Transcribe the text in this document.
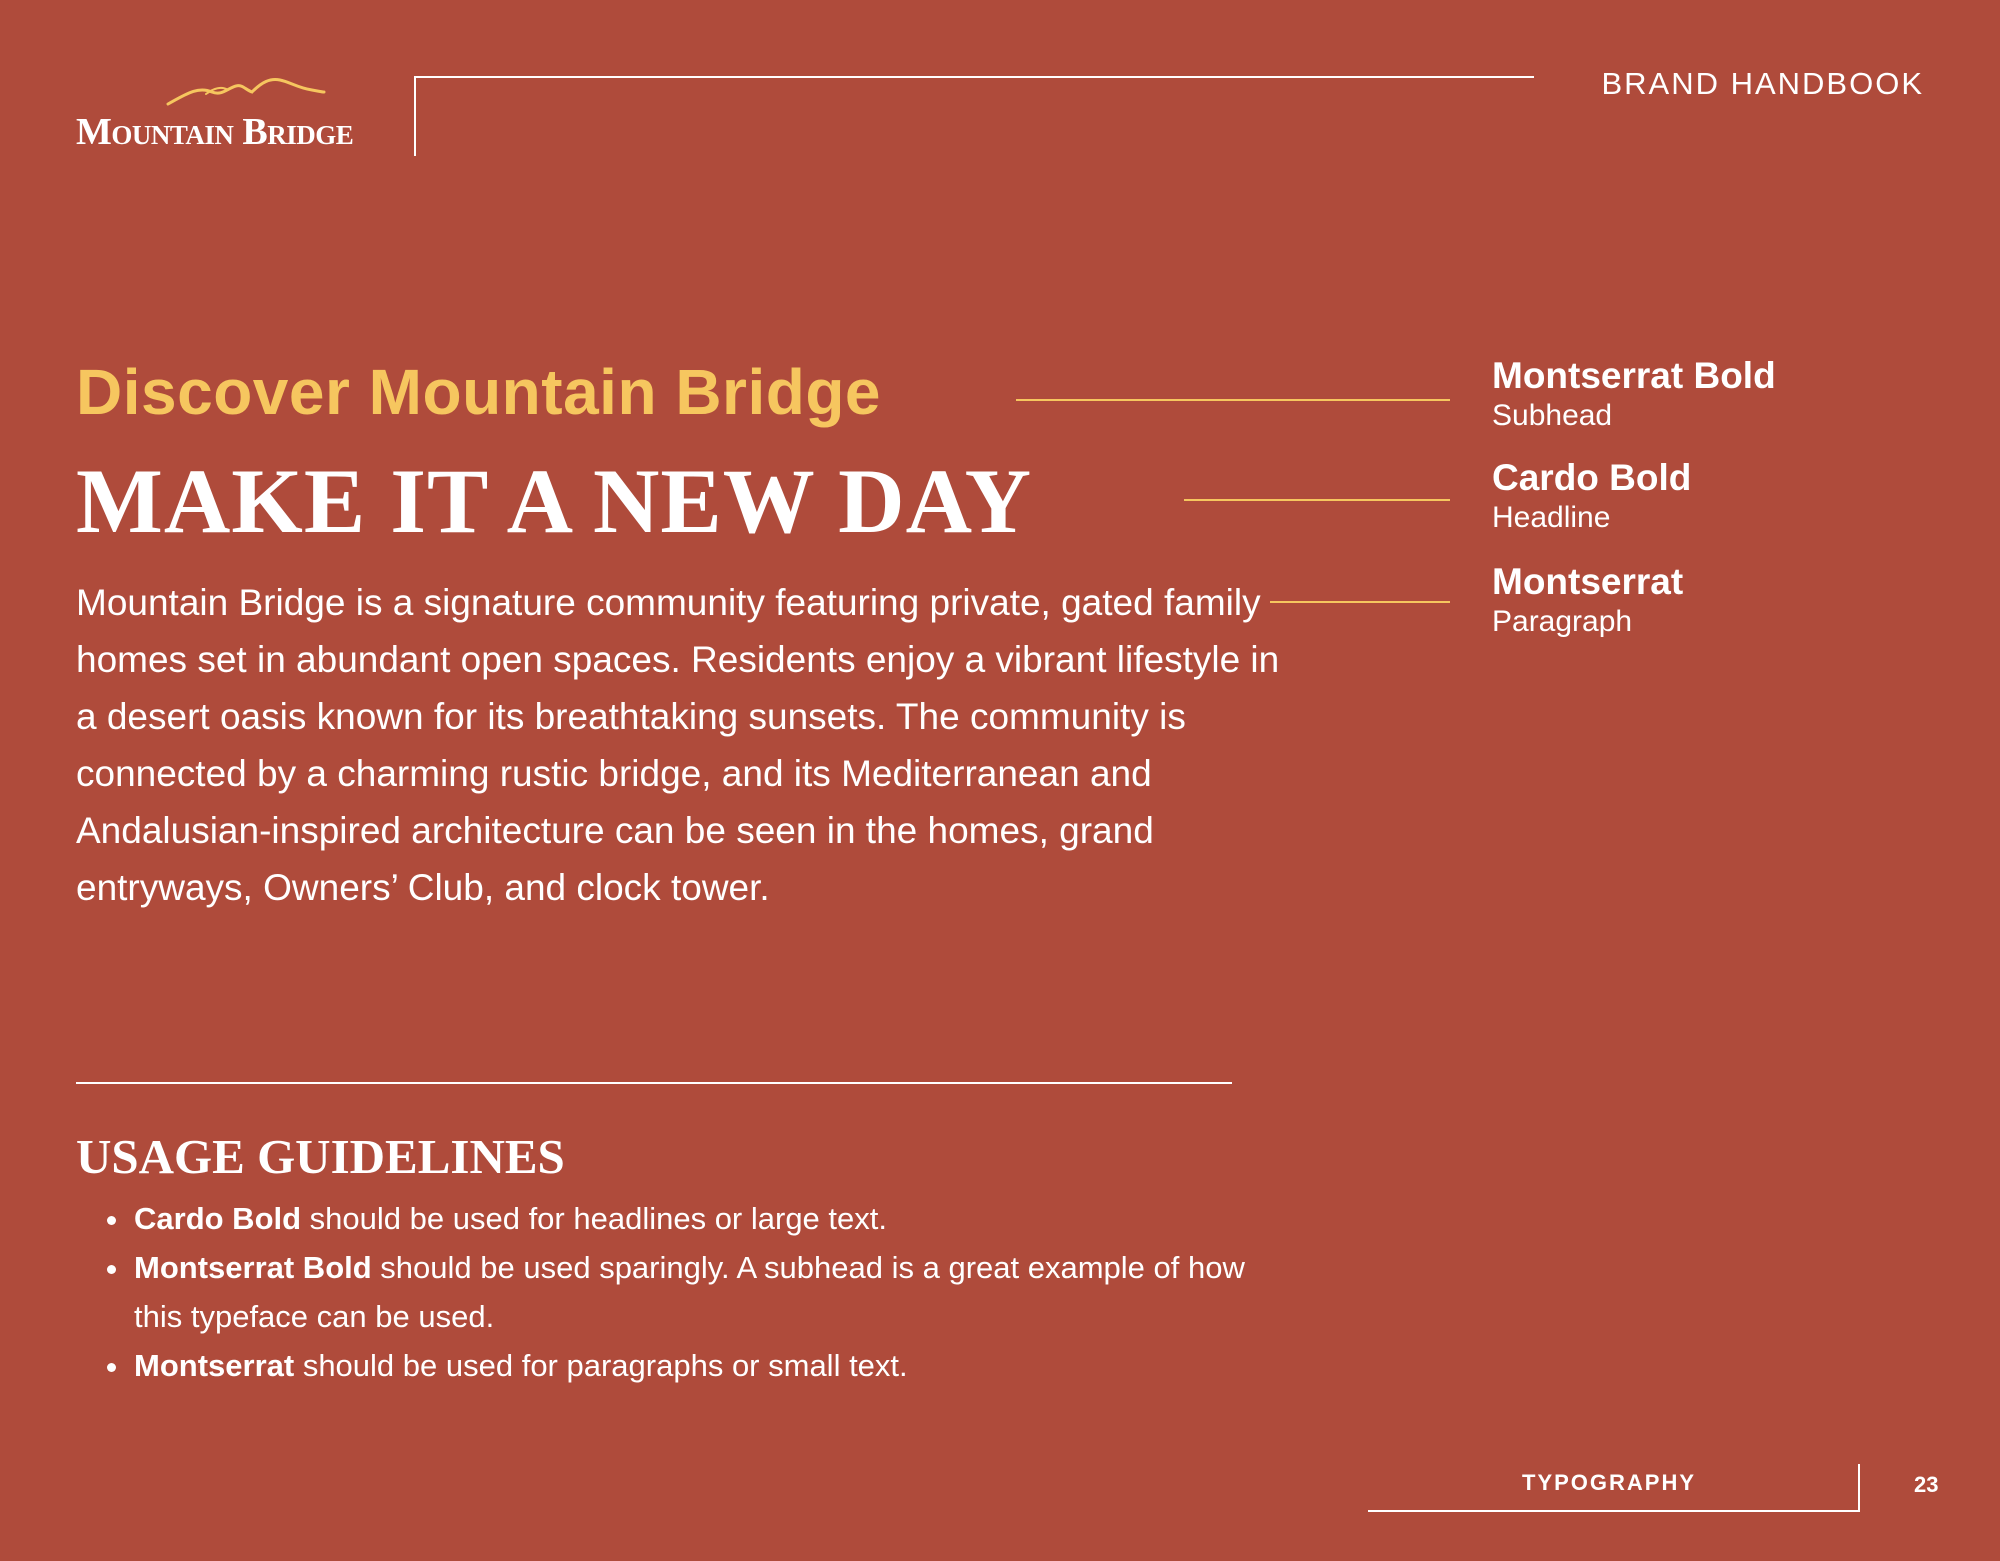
Mountain Bridge
BRAND HANDBOOK
Discover Mountain Bridge
MAKE IT A NEW DAY

Mountain Bridge is a signature community featuring private, gated family homes set in abundant open spaces. Residents enjoy a vibrant lifestyle in a desert oasis known for its breathtaking sunsets. The community is connected by a charming rustic bridge, and its Mediterranean and Andalusian-inspired architecture can be seen in the homes, grand entryways, Owners’ Club, and clock tower.

Montserrat Bold
Subhead
Cardo Bold
Headline
Montserrat
Paragraph
USAGE GUIDELINES
• Cardo Bold should be used for headlines or large text.
• Montserrat Bold should be used sparingly. A subhead is a great example of how this typeface can be used.
• Montserrat should be used for paragraphs or small text.
TYPOGRAPHY	23
